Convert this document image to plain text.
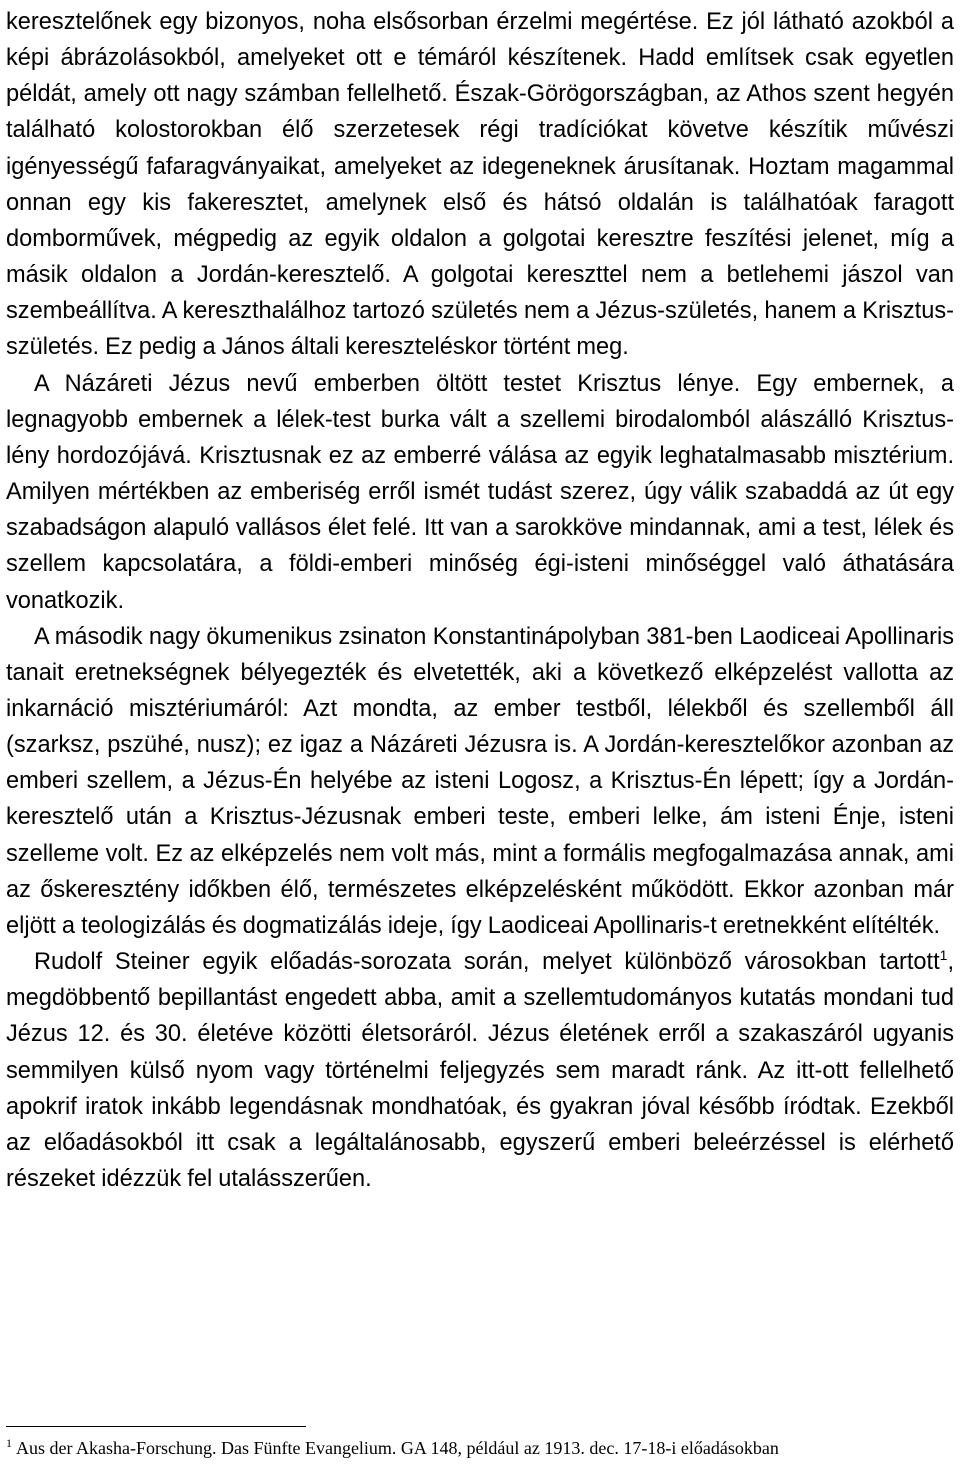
keresztelőnek egy bizonyos, noha elsősorban érzelmi megértése. Ez jól látható azokból a képi ábrázolásokból, amelyeket ott e témáról készítenek. Hadd említsek csak egyetlen példát, amely ott nagy számban fellelhető. Észak-Görögországban, az Athos szent hegyén található kolostorokban élő szerzetesek régi tradíciókat követve készítik művészi igényességű fafaragványaikat, amelyeket az idegeneknek árusítanak. Hoztam magammal onnan egy kis fakeresztet, amelynek első és hátsó oldalán is találhatóak faragott domborművek, mégpedig az egyik oldalon a golgotai keresztre feszítési jelenet, míg a másik oldalon a Jordán-keresztelő. A golgotai kereszttel nem a betlehemi jászol van szembeállítva. A kereszthalálhoz tartozó születés nem a Jézus-születés, hanem a Krisztus-születés. Ez pedig a János általi kereszteléskor történt meg.

A Názáreti Jézus nevű emberben öltött testet Krisztus lénye. Egy embernek, a legnagyobb embernek a lélek-test burka vált a szellemi birodalomból alászálló Krisztus-lény hordozójává. Krisztusnak ez az emberré válása az egyik leghatalmasabb misztérium. Amilyen mértékben az emberiség erről ismét tudást szerez, úgy válik szabaddá az út egy szabadságon alapuló vallásos élet felé. Itt van a sarokköve mindannak, ami a test, lélek és szellem kapcsolatára, a földi-emberi minőség égi-isteni minőséggel való áthatására vonatkozik.

A második nagy ökumenikus zsinaton Konstantinápolyban 381-ben Laodiceai Apollinaris tanait eretnekségnek bélyegezték és elvetették, aki a következő elképzelést vallotta az inkarnáció misztériumáról: Azt mondta, az ember testből, lélekből és szellemből áll (szarksz, pszühé, nusz); ez igaz a Názáreti Jézusra is. A Jordán-keresztelőkor azonban az emberi szellem, a Jézus-Én helyébe az isteni Logosz, a Krisztus-Én lépett; így a Jordán-keresztelő után a Krisztus-Jézusnak emberi teste, emberi lelke, ám isteni Énje, isteni szelleme volt. Ez az elképzelés nem volt más, mint a formális megfogalmazása annak, ami az őskeresztény időkben élő, természetes elképzelésként működött. Ekkor azonban már eljött a teologizálás és dogmatizálás ideje, így Laodiceai Apollinaris-t eretnekként elítélték.

Rudolf Steiner egyik előadás-sorozata során, melyet különböző városokban tartott$^1$, megdöbbentő bepillantást engedett abba, amit a szellemtudományos kutatás mondani tud Jézus 12. és 30. életéve közötti életsoráról. Jézus életének erről a szakaszáról ugyanis semmilyen külső nyom vagy történelmi feljegyzés sem maradt ránk. Az itt-ott fellelhető apokrif iratok inkább legendásnak mondhatóak, és gyakran jóval később íródtak. Ezekből az előadásokból itt csak a legáltalánosabb, egyszerű emberi beleérzéssel is elérhető részeket idézzük fel utalásszerűen.

$^1$ Aus der Akasha-Forschung. Das Fünfte Evangelium. GA 148, például az 1913. dec. 17-18-i előadásokban
